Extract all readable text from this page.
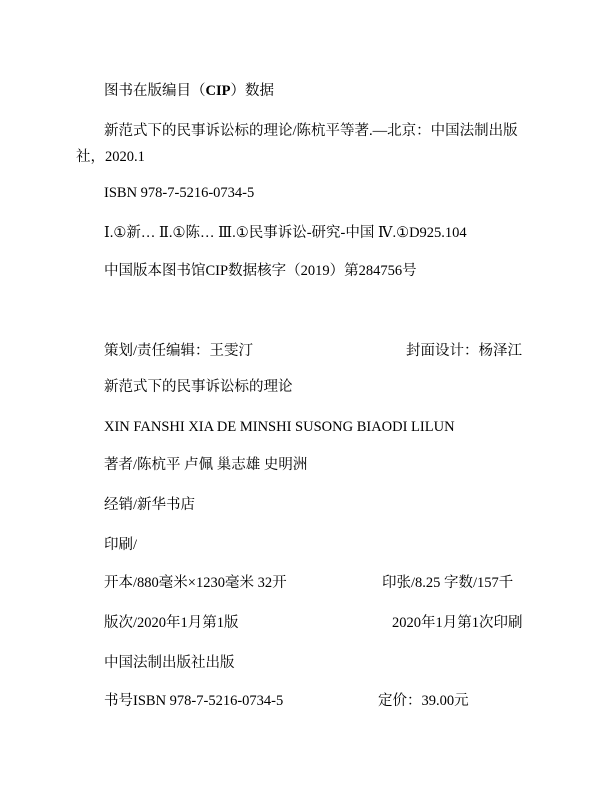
图书在版编目（CIP）数据
新范式下的民事诉讼标的理论/陈杭平等著.—北京：中国法制出版
社，2020.1
ISBN 978-7-5216-0734-5
Ⅰ.①新… Ⅱ.①陈… Ⅲ.①民事诉讼-研究-中国 Ⅳ.①D925.104
中国版本图书馆CIP数据核字（2019）第284756号
策划/责任编辑：王雯汀	封面设计：杨泽江
新范式下的民事诉讼标的理论
XIN FANSHI XIA DE MINSHI SUSONG BIAODI LILUN
著者/陈杭平 卢佩 巢志雄 史明洲
经销/新华书店
印刷/
开本/880毫米×1230毫米 32开	印张/8.25 字数/157千
版次/2020年1月第1版	2020年1月第1次印刷
中国法制出版社出版
书号ISBN 978-7-5216-0734-5	定价：39.00元
